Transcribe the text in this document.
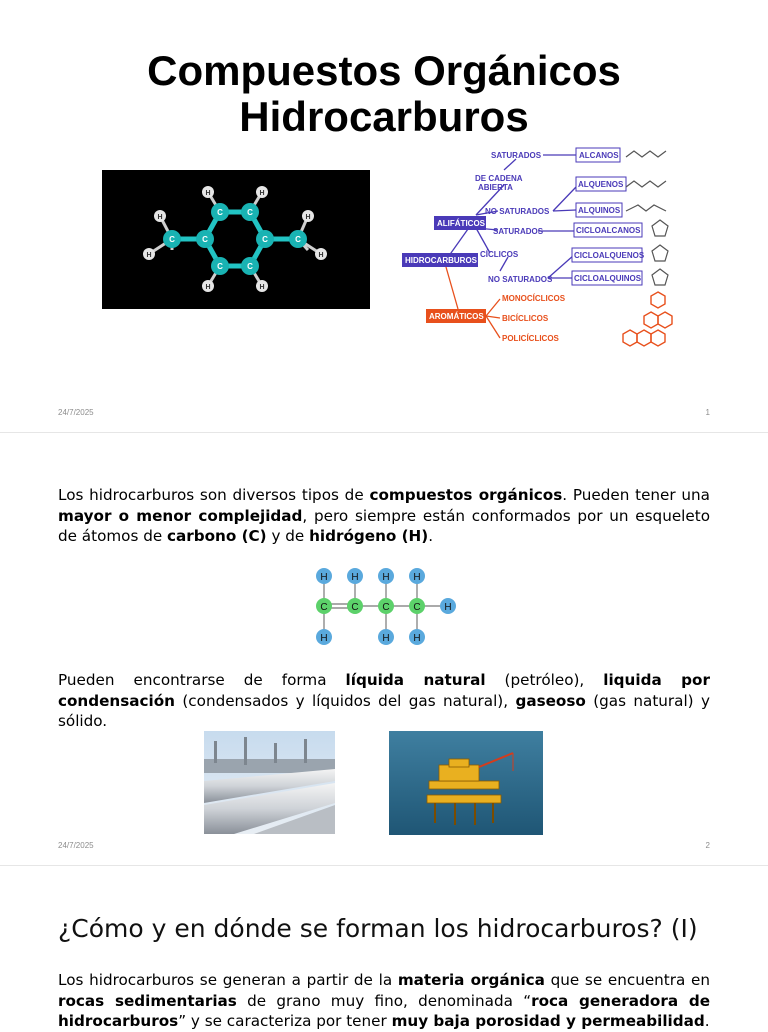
Compuestos Orgánicos
Hidrocarburos
C	C
C	C
C	C
C	C
H	H
H	H
H
H
H
H
SATURADOS
DE CADENA
ABIERTA
NO SATURADOS
SATURADOS
CÍCLICOS
NO SATURADOS
ALCANOS
ALQUENOS
ALQUINOS
CICLOALCANOS
CICLOALQUENOS
CICLOALQUINOS
ALIFÁTICOS
HIDROCARBUROS
AROMÁTICOS
MONOCÍCLICOS
BICÍCLICOS
POLICÍCLICOS
24/7/2025	1
Los hidrocarburos son diversos tipos de compuestos orgánicos. Pueden tener una mayor o menor complejidad, pero siempre están conformados por un esqueleto de átomos de carbono (C) y de hidrógeno (H).
H H H H
H
H	H H
C C C C
Pueden encontrarse de forma líquida natural (petróleo), liquida por condensación (condensados y líquidos del gas natural), gaseoso (gas natural) y sólido.
24/7/2025	2
¿Cómo y en dónde se forman los hidrocarburos? (I)
Los hidrocarburos se generan a partir de la materia orgánica que se encuentra en rocas sedimentarias de grano muy fino, denominada “roca generadora de hidrocarburos” y se caracteriza por tener muy baja porosidad y permeabilidad.
